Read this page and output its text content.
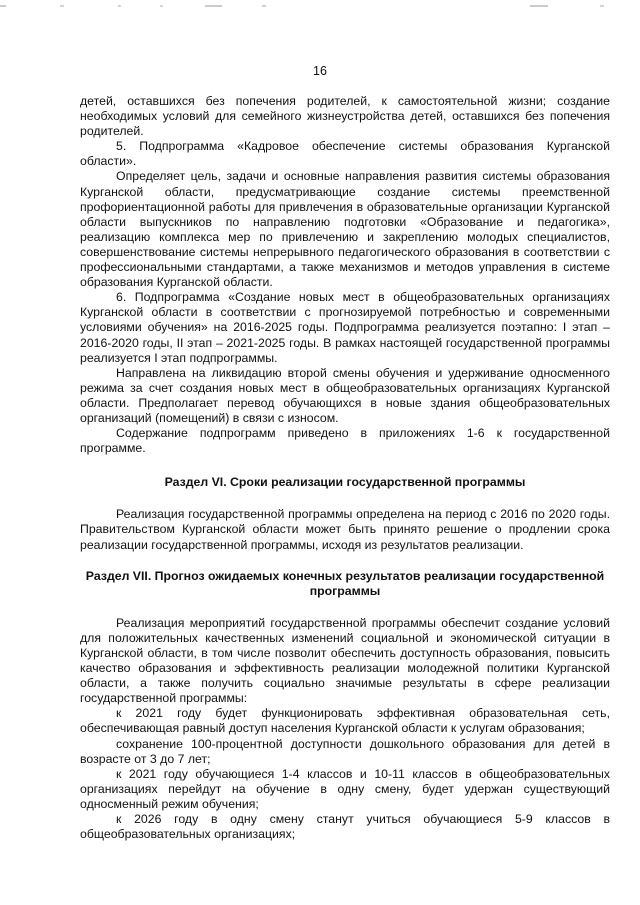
16

детей, оставшихся без попечения родителей, к самостоятельной жизни; создание необходимых условий для семейного жизнеустройства детей, оставшихся без попечения родителей.

5. Подпрограмма «Кадровое обеспечение системы образования Курганской области».

Определяет цель, задачи и основные направления развития системы образования Курганской области, предусматривающие создание системы преемственной профориентационной работы для привлечения в образовательные организации Курганской области выпускников по направлению подготовки «Образование и педагогика», реализацию комплекса мер по привлечению и закреплению молодых специалистов, совершенствование системы непрерывного педагогического образования в соответствии с профессиональными стандартами, а также механизмов и методов управления в системе образования Курганской области.

6. Подпрограмма «Создание новых мест в общеобразовательных организациях Курганской области в соответствии с прогнозируемой потребностью и современными условиями обучения» на 2016-2025 годы. Подпрограмма реализуется поэтапно: I этап – 2016-2020 годы, II этап – 2021-2025 годы. В рамках настоящей государственной программы реализуется I этап подпрограммы.

Направлена на ликвидацию второй смены обучения и удерживание односменного режима за счет создания новых мест в общеобразовательных организациях Курганской области. Предполагает перевод обучающихся в новые здания общеобразовательных организаций (помещений) в связи с износом.

Содержание подпрограмм приведено в приложениях 1-6 к государственной программе.

Раздел VI. Сроки реализации государственной программы

Реализация государственной программы определена на период с 2016 по 2020 годы. Правительством Курганской области может быть принято решение о продлении срока реализации государственной программы, исходя из результатов реализации.

Раздел VII. Прогноз ожидаемых конечных результатов реализации государственной программы

Реализация мероприятий государственной программы обеспечит создание условий для положительных качественных изменений социальной и экономической ситуации в Курганской области, в том числе позволит обеспечить доступность образования, повысить качество образования и эффективность реализации молодежной политики Курганской области, а также получить социально значимые результаты в сфере реализации государственной программы:

к 2021 году будет функционировать эффективная образовательная сеть, обеспечивающая равный доступ населения Курганской области к услугам образования;

сохранение 100-процентной доступности дошкольного образования для детей в возрасте от 3 до 7 лет;

к 2021 году обучающиеся 1-4 классов и 10-11 классов в общеобразовательных организациях перейдут на обучение в одну смену, будет удержан существующий односменный режим обучения;

к 2026 году в одну смену станут учиться обучающиеся 5-9 классов в общеобразовательных организациях;
